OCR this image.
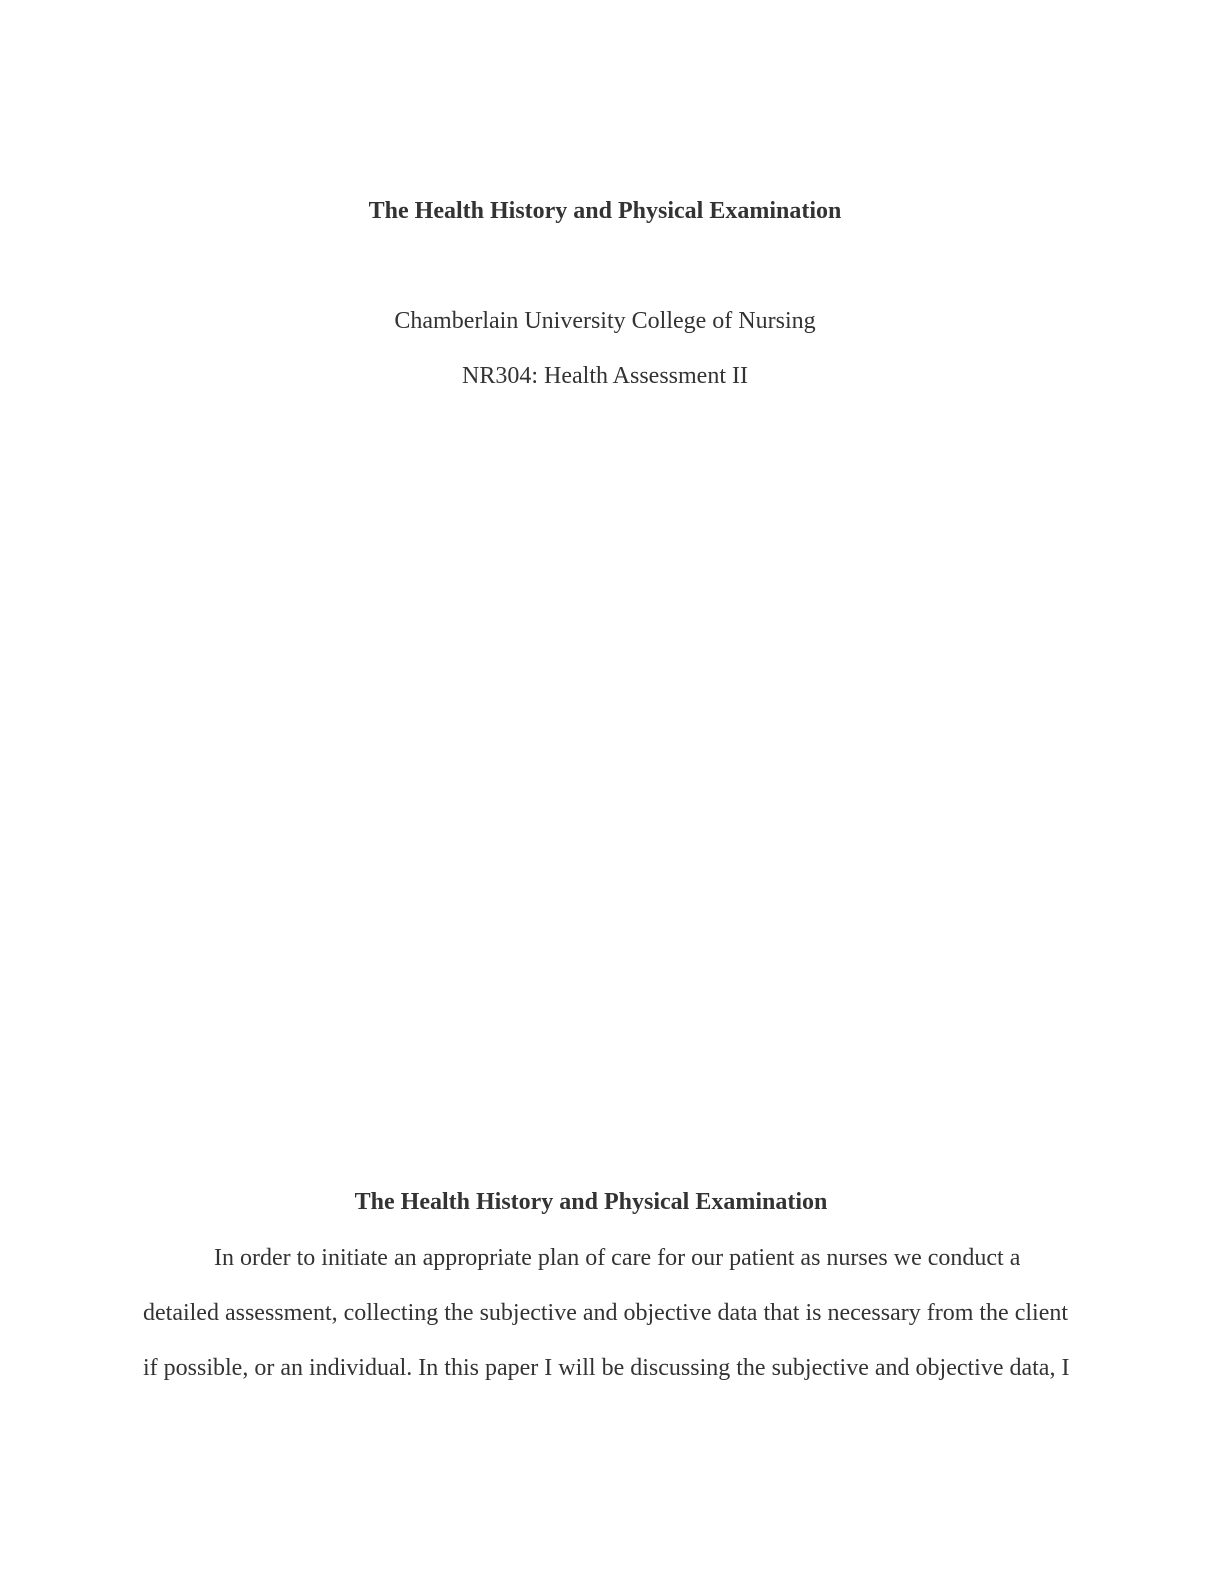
The Health History and Physical Examination
Chamberlain University College of Nursing
NR304: Health Assessment II
The Health History and Physical Examination
In order to initiate an appropriate plan of care for our patient as nurses we conduct a
detailed assessment, collecting the subjective and objective data that is necessary from the client
if possible, or an individual. In this paper I will be discussing the subjective and objective data, I
